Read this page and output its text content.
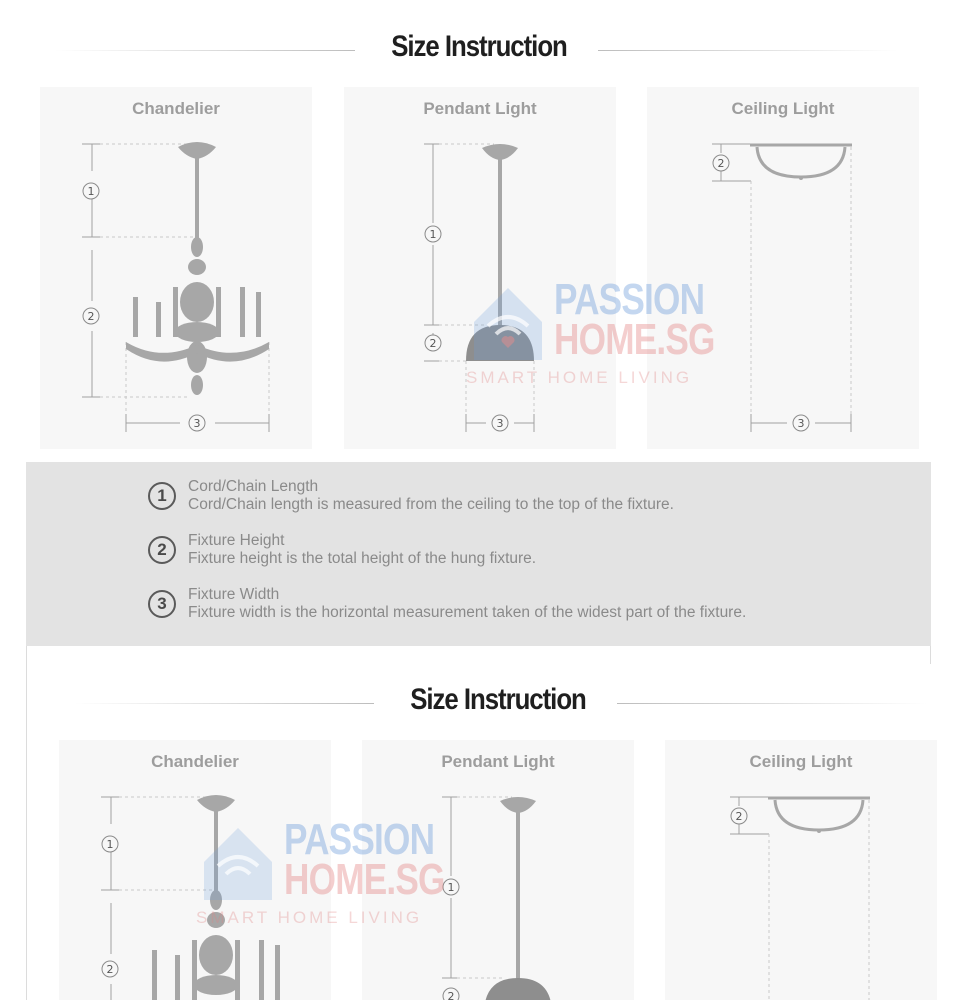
Size Instruction
Chandelier
1
2
3
Pendant Light
1
2
3
Ceiling Light
2
3
PASSION
HOME.SG
SMART HOME LIVING
1	Cord/Chain Length
Cord/Chain length is measured from the ceiling to the top of the fixture.
2	Fixture Height
Fixture height is the total height of the hung fixture.
3	Fixture Width
Fixture width is the horizontal measurement taken of the widest part of the fixture.
Size Instruction
Chandelier
1
2
Pendant Light
1
2
Ceiling Light
2
PASSION
HOME.SG
SMART HOME LIVING
